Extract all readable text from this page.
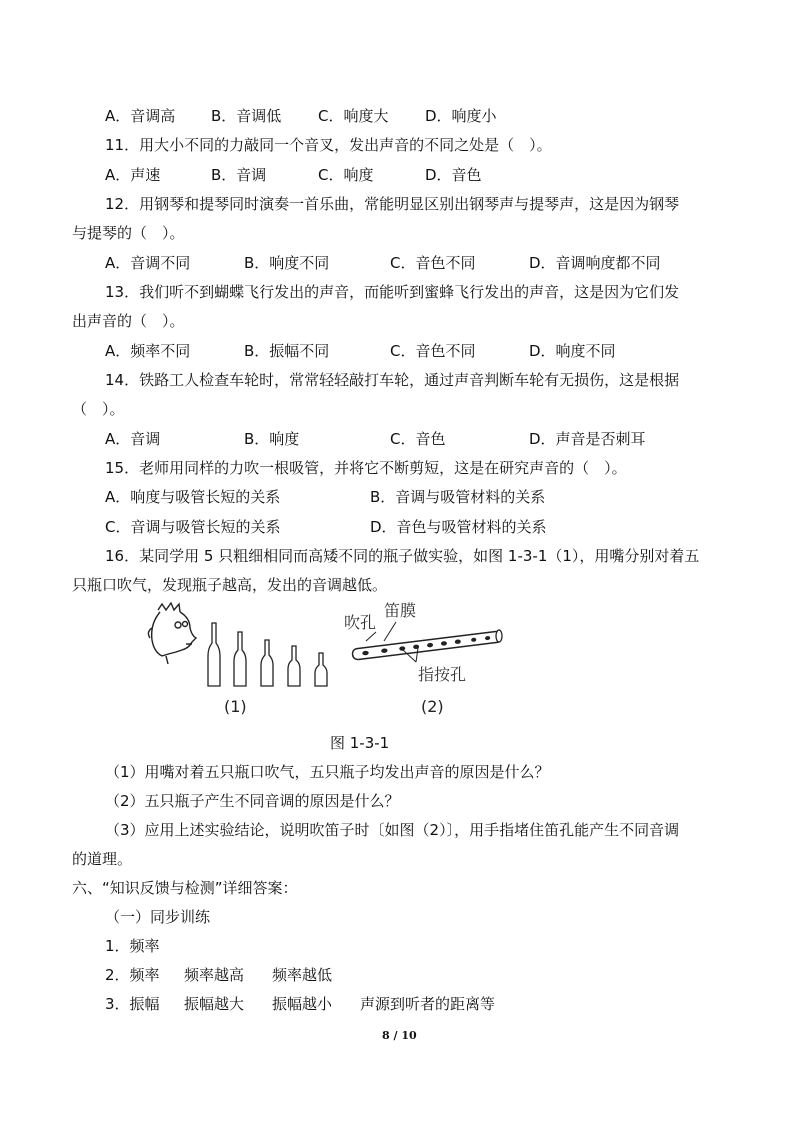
A．音调高 B．音调低 C．响度大 D．响度小
11．用大小不同的力敲同一个音叉，发出声音的不同之处是（　）。
A．声速	B．音调	C．响度	D．音色
12．用钢琴和提琴同时演奏一首乐曲，常能明显区别出钢琴声与提琴声，这是因为钢琴
与提琴的（　）。
A．音调不同	B．响度不同	C．音色不同	D．音调响度都不同
13．我们听不到蝴蝶飞行发出的声音，而能听到蜜蜂飞行发出的声音，这是因为它们发
出声音的（　）。
A．频率不同	B．振幅不同	C．音色不同	D．响度不同
14．铁路工人检查车轮时，常常轻轻敲打车轮，通过声音判断车轮有无损伤，这是根据
（　）。
A．音调	B．响度	C．音色	D．声音是否刺耳
15．老师用同样的力吹一根吸管，并将它不断剪短，这是在研究声音的（　）。
A．响度与吸管长短的关系	B．音调与吸管材料的关系
C．音调与吸管长短的关系	D．音色与吸管材料的关系
16．某同学用 5 只粗细相同而高矮不同的瓶子做实验，如图 1-3-1（1），用嘴分别对着五
只瓶口吹气，发现瓶子越高，发出的音调越低。
(1)
吹孔
笛膜
指按孔
(2)
图 1-3-1
（1）用嘴对着五只瓶口吹气，五只瓶子均发出声音的原因是什么？
（2）五只瓶子产生不同音调的原因是什么？
（3）应用上述实验结论，说明吹笛子时〔如图（2）〕，用手指堵住笛孔能产生不同音调
的道理。
六、“知识反馈与检测”详细答案：
（一）同步训练
1．频率
2．频率 频率越高 频率越低
3．振幅 振幅越大 振幅越小 声源到听者的距离等
8 / 10
